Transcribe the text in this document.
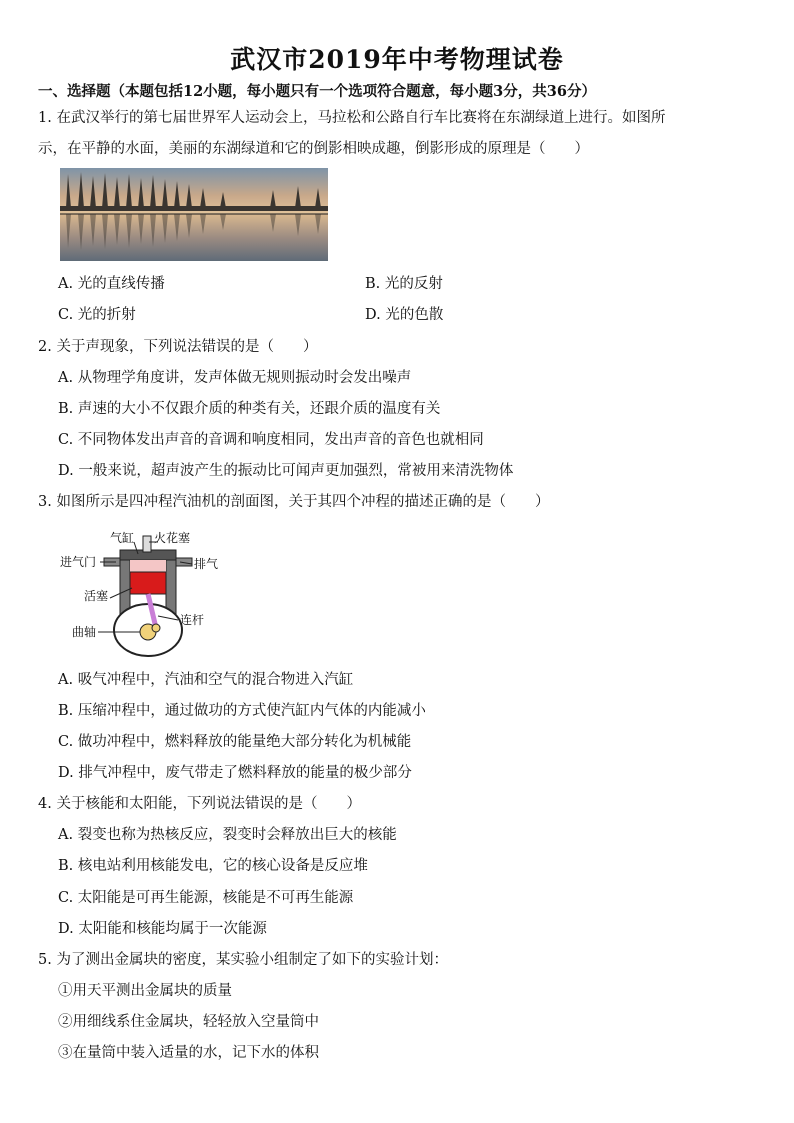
武汉市2019年中考物理试卷
一、选择题（本题包括12小题，每小题只有一个选项符合题意，每小题3分，共36分）
1. 在武汉举行的第七届世界军人运动会上，马拉松和公路自行车比赛将在东湖绿道上进行。如图所
示，在平静的水面，美丽的东湖绿道和它的倒影相映成趣，倒影形成的原理是（　　）
A. 光的直线传播	B. 光的反射
C. 光的折射	D. 光的色散
2. 关于声现象，下列说法错误的是（　　）
A. 从物理学角度讲，发声体做无规则振动时会发出噪声
B. 声速的大小不仅跟介质的种类有关，还跟介质的温度有关
C. 不同物体发出声音的音调和响度相同，发出声音的音色也就相同
D. 一般来说，超声波产生的振动比可闻声更加强烈，常被用来清洗物体
3. 如图所示是四冲程汽油机的剖面图，关于其四个冲程的描述正确的是（　　）
气缸 火花塞
进气门	排气
活塞
连杆
曲轴
A. 吸气冲程中，汽油和空气的混合物进入汽缸
B. 压缩冲程中，通过做功的方式使汽缸内气体的内能减小
C. 做功冲程中，燃料释放的能量绝大部分转化为机械能
D. 排气冲程中，废气带走了燃料释放的能量的极少部分
4. 关于核能和太阳能，下列说法错误的是（　　）
A. 裂变也称为热核反应，裂变时会释放出巨大的核能
B. 核电站利用核能发电，它的核心设备是反应堆
C. 太阳能是可再生能源，核能是不可再生能源
D. 太阳能和核能均属于一次能源
5. 为了测出金属块的密度，某实验小组制定了如下的实验计划：
①用天平测出金属块的质量
②用细线系住金属块，轻轻放入空量筒中
③在量筒中装入适量的水，记下水的体积
